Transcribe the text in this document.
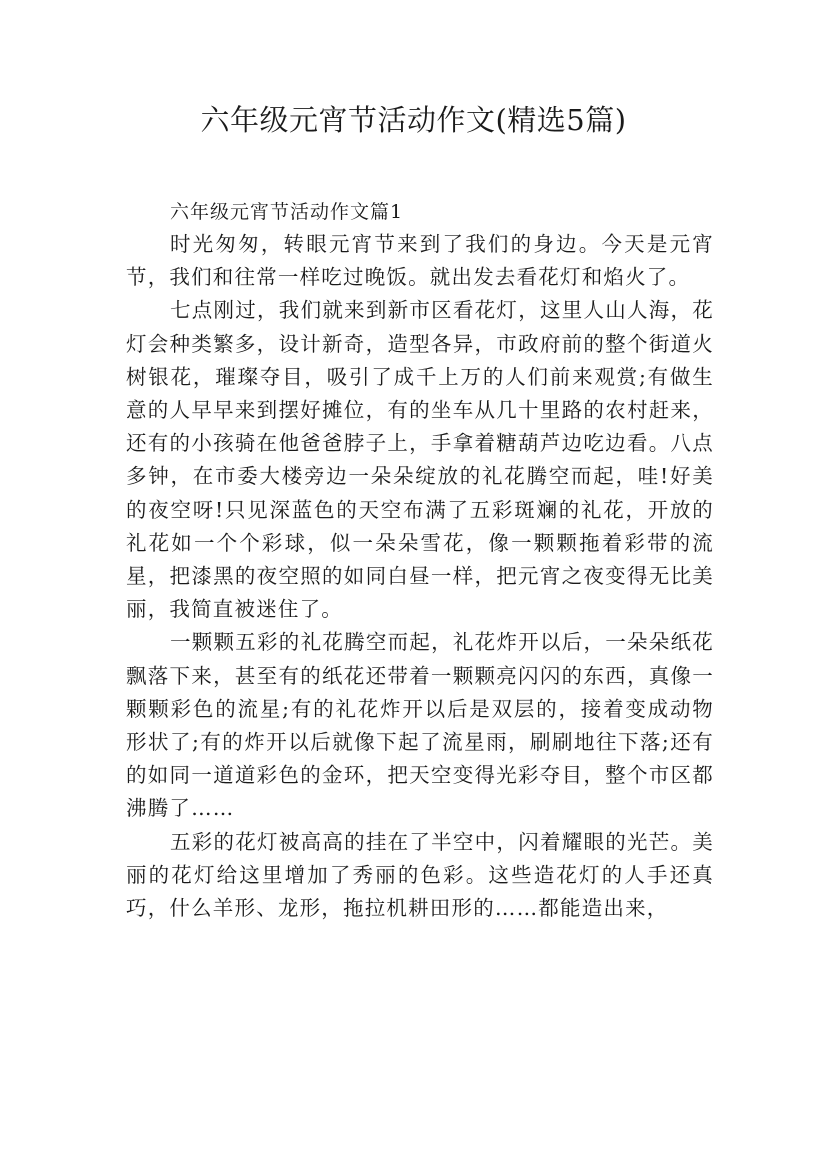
六年级元宵节活动作文(精选5篇)
六年级元宵节活动作文篇1

时光匆匆，转眼元宵节来到了我们的身边。今天是元宵节，我们和往常一样吃过晚饭。就出发去看花灯和焰火了。

七点刚过，我们就来到新市区看花灯，这里人山人海，花灯会种类繁多，设计新奇，造型各异，市政府前的整个街道火树银花，璀璨夺目，吸引了成千上万的人们前来观赏;有做生意的人早早来到摆好摊位，有的坐车从几十里路的农村赶来，还有的小孩骑在他爸爸脖子上，手拿着糖葫芦边吃边看。八点多钟，在市委大楼旁边一朵朵绽放的礼花腾空而起，哇!好美的夜空呀!只见深蓝色的天空布满了五彩斑斓的礼花，开放的礼花如一个个彩球，似一朵朵雪花，像一颗颗拖着彩带的流星，把漆黑的夜空照的如同白昼一样，把元宵之夜变得无比美丽，我简直被迷住了。

一颗颗五彩的礼花腾空而起，礼花炸开以后，一朵朵纸花飘落下来，甚至有的纸花还带着一颗颗亮闪闪的东西，真像一颗颗彩色的流星;有的礼花炸开以后是双层的，接着变成动物形状了;有的炸开以后就像下起了流星雨，刷刷地往下落;还有的如同一道道彩色的金环，把天空变得光彩夺目，整个市区都沸腾了……

五彩的花灯被高高的挂在了半空中，闪着耀眼的光芒。美丽的花灯给这里增加了秀丽的色彩。这些造花灯的人手还真巧，什么羊形、龙形，拖拉机耕田形的……都能造出来，
